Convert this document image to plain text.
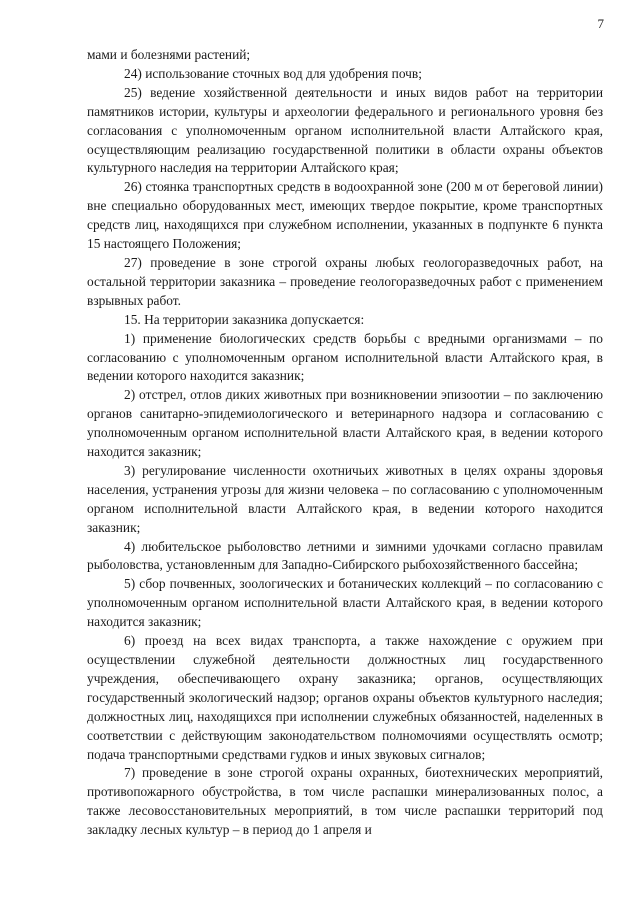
7

мами и болезнями растений;

24) использование сточных вод для удобрения почв;

25) ведение хозяйственной деятельности и иных видов работ на территории памятников истории, культуры и археологии федерального и регионального уровня без согласования с уполномоченным органом исполнительной власти Алтайского края, осуществляющим реализацию государственной политики в области охраны объектов культурного наследия на территории Алтайского края;

26) стоянка транспортных средств в водоохранной зоне (200 м от береговой линии) вне специально оборудованных мест, имеющих твердое покрытие, кроме транспортных средств лиц, находящихся при служебном исполнении, указанных в подпункте 6 пункта 15 настоящего Положения;

27) проведение в зоне строгой охраны любых геологоразведочных работ, на остальной территории заказника – проведение геологоразведочных работ с применением взрывных работ.

15. На территории заказника допускается:

1) применение биологических средств борьбы с вредными организмами – по согласованию с уполномоченным органом исполнительной власти Алтайского края, в ведении которого находится заказник;

2) отстрел, отлов диких животных при возникновении эпизоотии – по заключению органов санитарно-эпидемиологического и ветеринарного надзора и согласованию с уполномоченным органом исполнительной власти Алтайского края, в ведении которого находится заказник;

3) регулирование численности охотничьих животных в целях охраны здоровья населения, устранения угрозы для жизни человека – по согласованию с уполномоченным органом исполнительной власти Алтайского края, в ведении которого находится заказник;

4) любительское рыболовство летними и зимними удочками согласно правилам рыболовства, установленным для Западно-Сибирского рыбохозяйственного бассейна;

5) сбор почвенных, зоологических и ботанических коллекций – по согласованию с уполномоченным органом исполнительной власти Алтайского края, в ведении которого находится заказник;

6) проезд на всех видах транспорта, а также нахождение с оружием при осуществлении служебной деятельности должностных лиц государственного учреждения, обеспечивающего охрану заказника; органов, осуществляющих государственный экологический надзор; органов охраны объектов культурного наследия; должностных лиц, находящихся при исполнении служебных обязанностей, наделенных в соответствии с действующим законодательством полномочиями осуществлять осмотр; подача транспортными средствами гудков и иных звуковых сигналов;

7) проведение в зоне строгой охраны охранных, биотехнических мероприятий, противопожарного обустройства, в том числе распашки минерализованных полос, а также лесовосстановительных мероприятий, в том числе распашки территорий под закладку лесных культур – в период до 1 апреля и
